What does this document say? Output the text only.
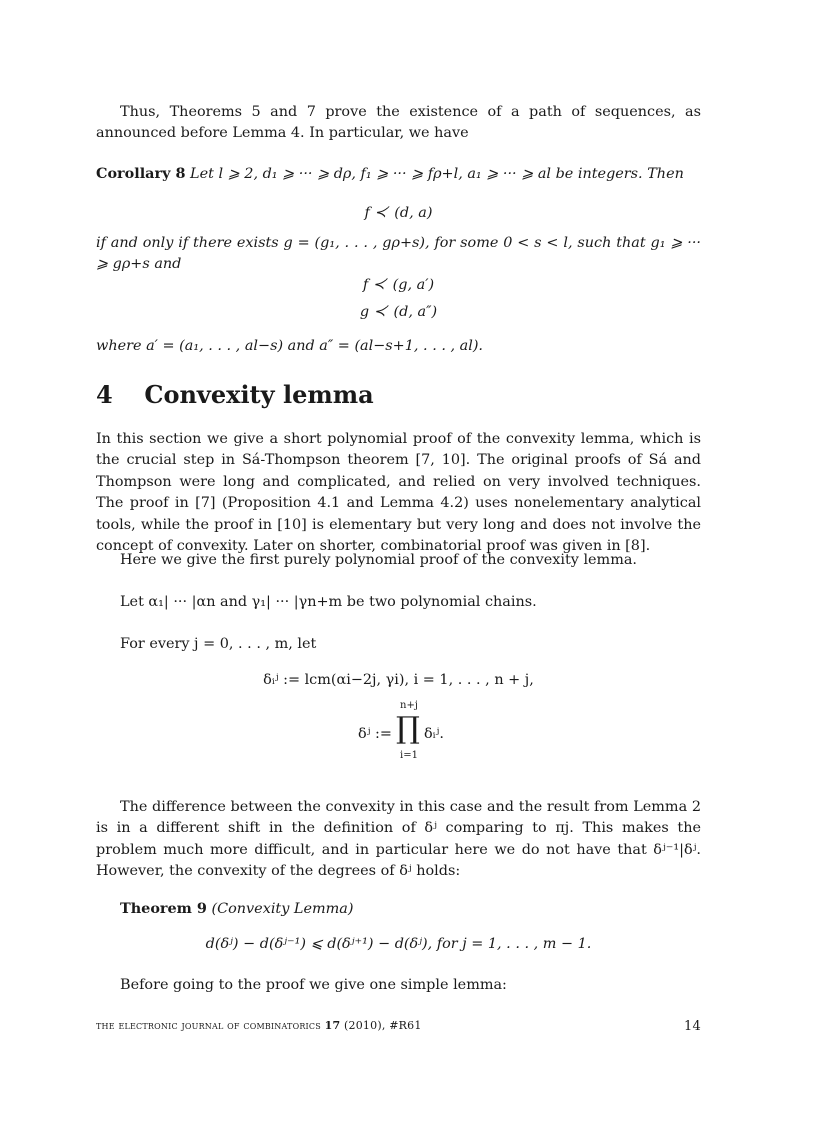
Thus, Theorems 5 and 7 prove the existence of a path of sequences, as announced before Lemma 4. In particular, we have

Corollary 8 Let l ⩾ 2, d₁ ⩾ ··· ⩾ dρ, f₁ ⩾ ··· ⩾ fρ+l, a₁ ⩾ ··· ⩾ al be integers. Then

f ≺′ (d, a)

if and only if there exists g = (g₁, . . . , gρ+s), for some 0 < s < l, such that g₁ ⩾ ··· ⩾ gρ+s and

f ≺′ (g, a′)
g ≺′ (d, a″)

where a′ = (a₁, . . . , al−s) and a″ = (al−s+1, . . . , al).

4 Convexity lemma

In this section we give a short polynomial proof of the convexity lemma, which is the crucial step in Sá-Thompson theorem [7, 10]. The original proofs of Sá and Thompson were long and complicated, and relied on very involved techniques. The proof in [7] (Proposition 4.1 and Lemma 4.2) uses nonelementary analytical tools, while the proof in [10] is elementary but very long and does not involve the concept of convexity. Later on shorter, combinatorial proof was given in [8].

Here we give the first purely polynomial proof of the convexity lemma.

Let α₁| ··· |αn and γ₁| ··· |γn+m be two polynomial chains.

For every j = 0, . . . , m, let

δᵢʲ := lcm(αi−2j, γi), i = 1, . . . , n + j,
δʲ :=
n+j
∏
i=1
δᵢʲ.

The difference between the convexity in this case and the result from Lemma 2 is in a different shift in the definition of δʲ comparing to πj. This makes the problem much more difficult, and in particular here we do not have that δʲ⁻¹|δʲ. However, the convexity of the degrees of δʲ holds:

Theorem 9 (Convexity Lemma)

d(δʲ) − d(δʲ⁻¹) ⩽ d(δʲ⁺¹) − d(δʲ), for j = 1, . . . , m − 1.

Before going to the proof we give one simple lemma:

the electronic journal of combinatorics 17 (2010), #R61	14
